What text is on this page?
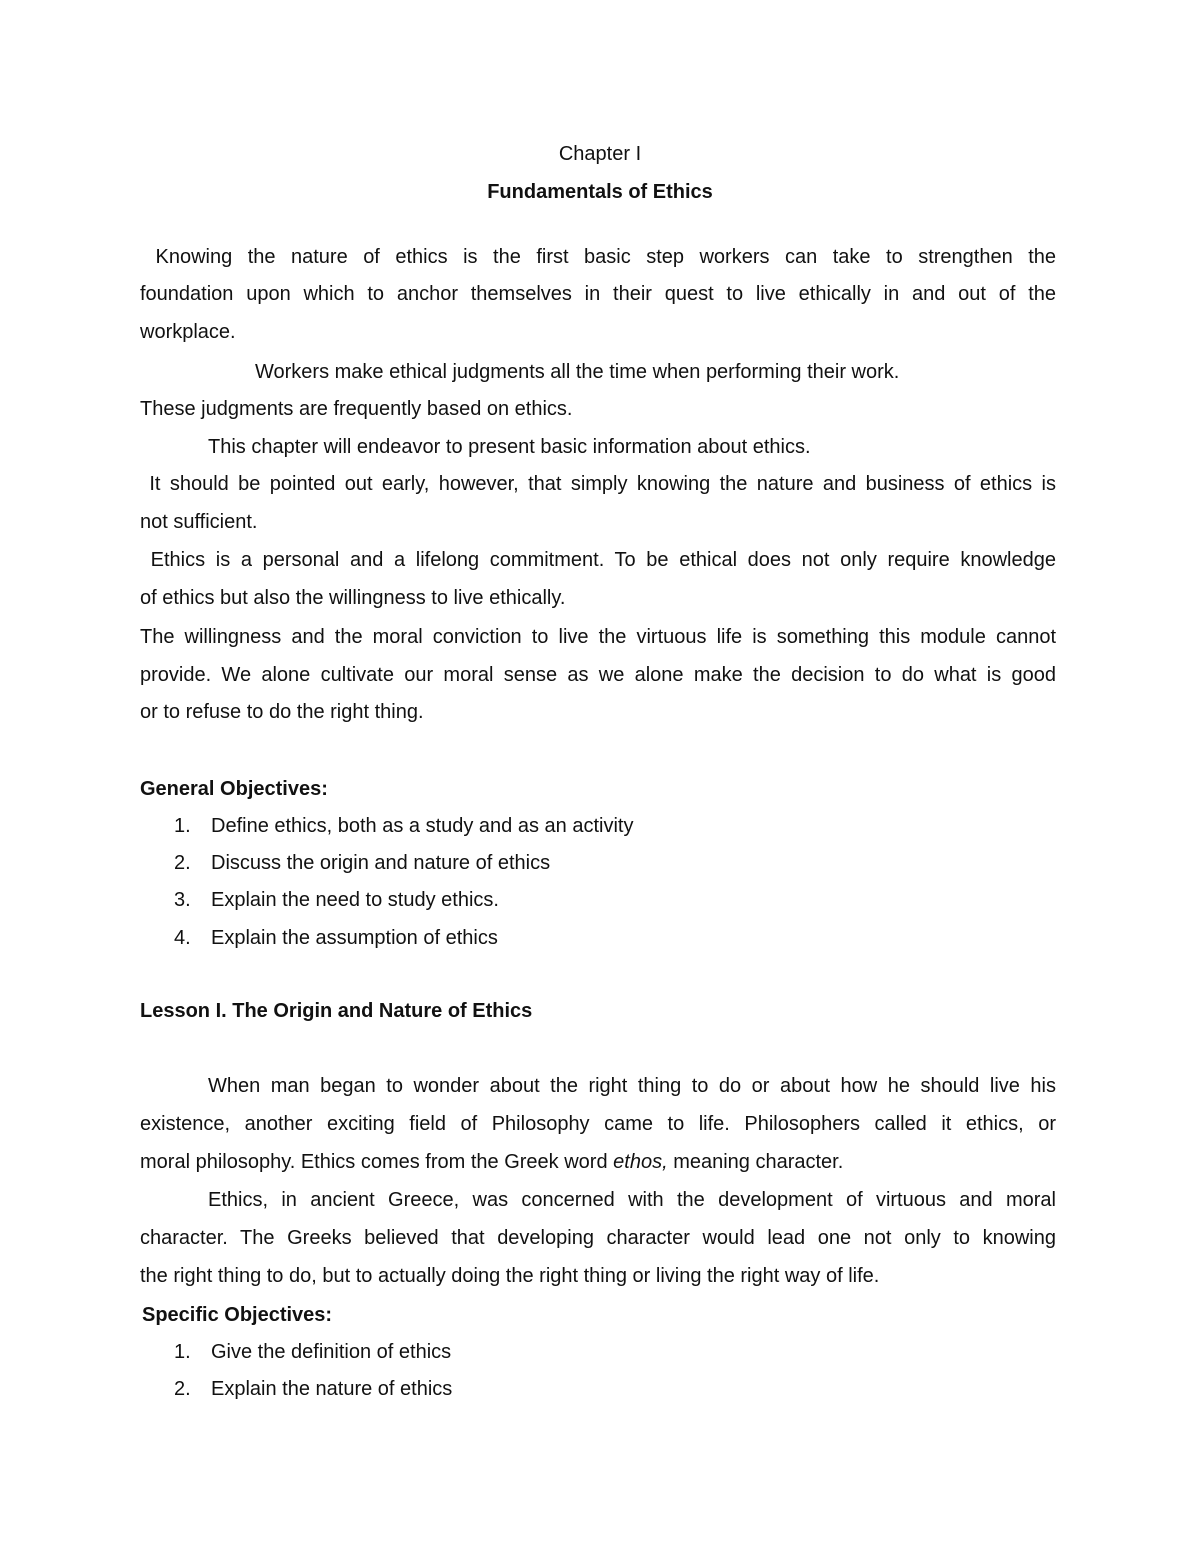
Chapter I

Fundamentals of Ethics

Knowing the nature of ethics is the first basic step workers can take to strengthen the

foundation upon which to anchor themselves in their quest to live ethically in and out of the

workplace.

Workers make ethical judgments all the time when performing their work.

These judgments are frequently based on ethics.

This chapter will endeavor to present basic information about ethics.

It should be pointed out early, however, that simply knowing the nature and business of ethics is

not sufficient.

Ethics is a personal and a lifelong commitment. To be ethical does not only require knowledge

of ethics but also the willingness to live ethically.

The willingness and the moral conviction to live the virtuous life is something this module cannot

provide. We alone cultivate our moral sense as we alone make the decision to do what is good

or to refuse to do the right thing.

General Objectives:

1. Define ethics, both as a study and as an activity
2. Discuss the origin and nature of ethics
3. Explain the need to study ethics.
4. Explain the assumption of ethics

Lesson I. The Origin and Nature of Ethics

When man began to wonder about the right thing to do or about how he should live his

existence, another exciting field of Philosophy came to life. Philosophers called it ethics, or

moral philosophy. Ethics comes from the Greek word ethos, meaning character.

Ethics, in ancient Greece, was concerned with the development of virtuous and moral

character. The Greeks believed that developing character would lead one not only to knowing

the right thing to do, but to actually doing the right thing or living the right way of life.

Specific Objectives:

1. Give the definition of ethics
2. Explain the nature of ethics
